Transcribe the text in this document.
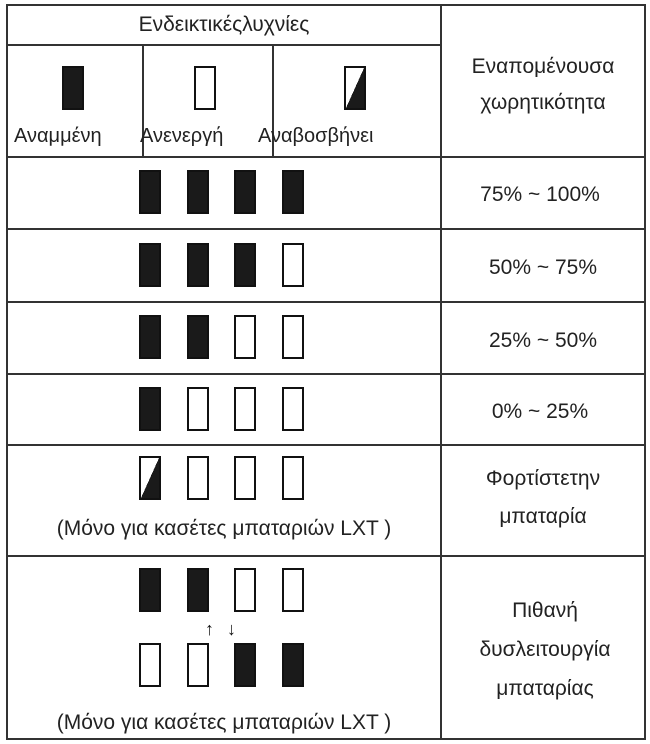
Ενδεικτικέςλυχνίες
Εναπομένουσα
χωρητικότητα
Αναμμένη Ανενεργή Αναβοσβήνει
75% ~ 100%
50% ~ 75%
25% ~ 50%
0% ~ 25%
(Μόνο για κασέτες μπαταριών LXT )
Φορτίστετην
μπαταρία
↑ ↓
(Μόνο για κασέτες μπαταριών LXT )
Πιθανή
δυσλειτουργία
μπαταρίας
